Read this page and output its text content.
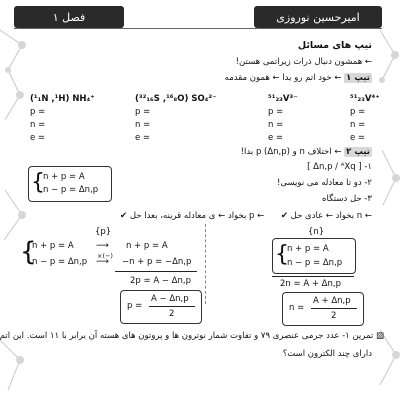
فصل ۱	امیرحسین نوروزی
تیپ های مسائل
← همشون دنبال ذرات زیراتمی هستن!
تیپ ۱ ← خود اتم رو بدا ← همون مقدمه
(¹₁N ,¹H) NH₄⁺
p =
n =
e =
(³²₁₆S ,¹⁶₈O) SO₄²⁻
p =
n =
e =
⁵¹₂₃V³⁻
p =
n =
e =
⁵¹₂₃V⁴⁺
p =
n =
e =
تیپ ۲ ← اختلاف n و p (Δn,p) بدا!
۱- [ Δn,p / ᴬXq ]
۲- دو تا معادله می نویسی!
۳- حل دستگاه
{
n + p = A
n − p = Δn,p
← p بخواد ← ی معادله قرینه، بعدا حل ✔ ← n بخواد ← عادی حل ✔
{p}
{
n + p = A
n − p = Δn,p
⟶
×(−)
⟶
n + p = A
−n + p = −Δn,p
2p = A − Δn,p
p =
A − Δn,p
2
{n}
{
n + p = A
n − p = Δn,p
2n = A + Δn,p
n =
A + Δn,p
2
▨ تمرین ۱- عدد جرمی عنصری ۷۹ و تفاوت شمار نوترون ها و پروتون های هسته آن برابر با ۱۱ است. این اتم
دارای چند الکترون است؟
